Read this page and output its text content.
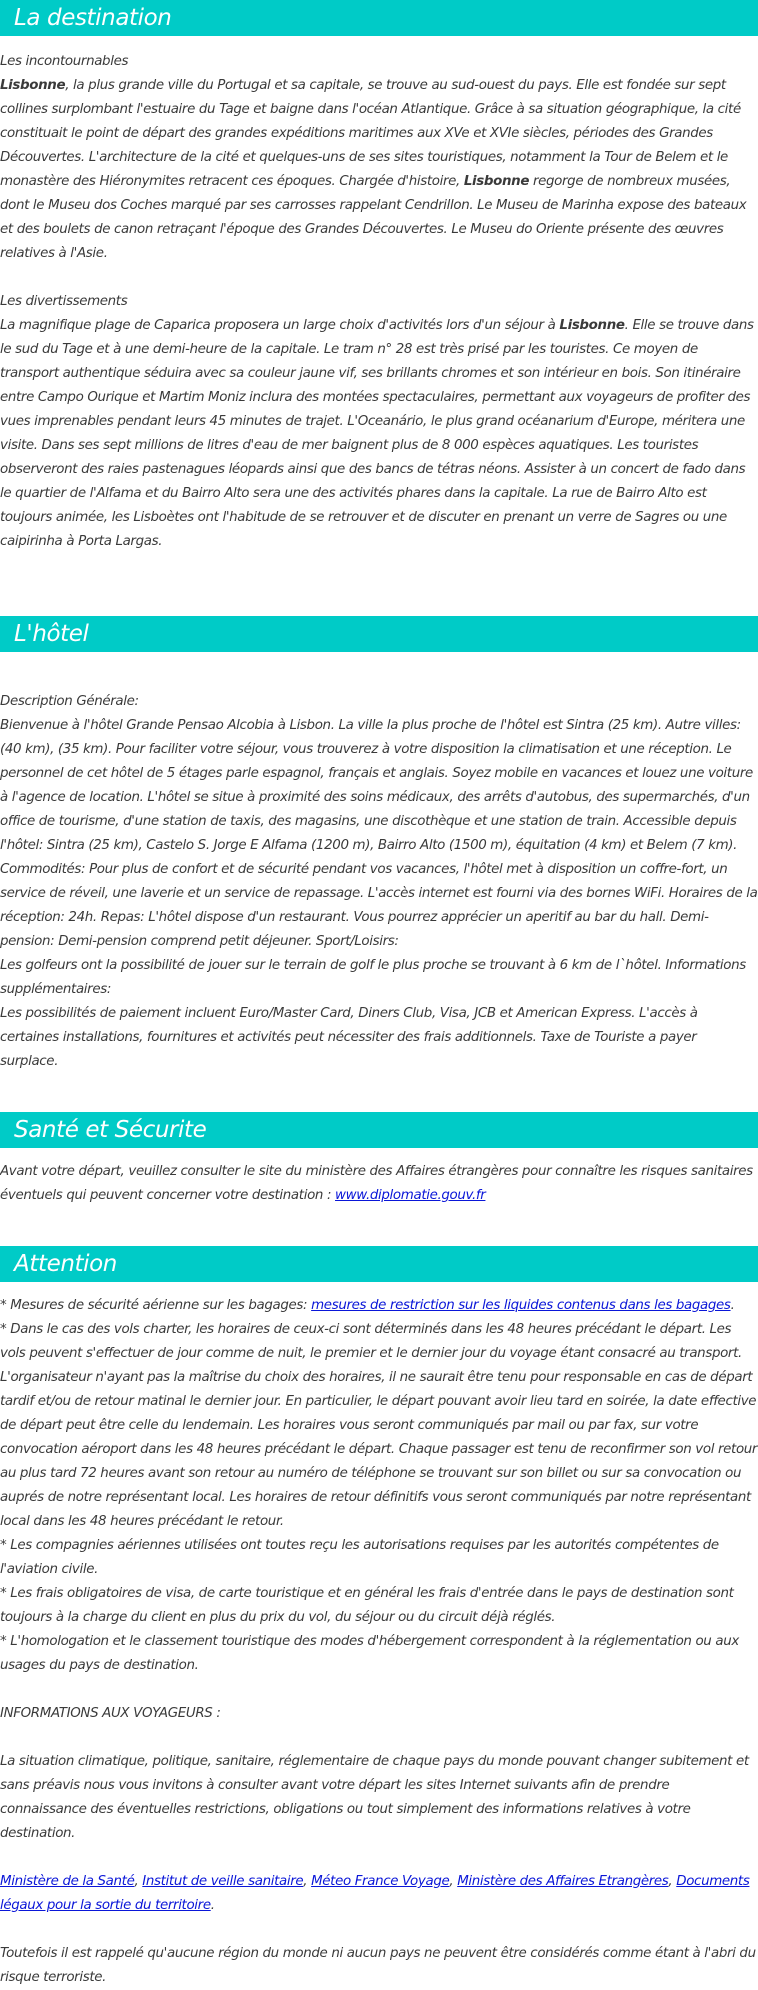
La destination

Les incontournables

Lisbonne, la plus grande ville du Portugal et sa capitale, se trouve au sud-ouest du pays. Elle est fondée sur sept collines surplombant l'estuaire du Tage et baigne dans l'océan Atlantique. Grâce à sa situation géographique, la cité constituait le point de départ des grandes expéditions maritimes aux XVe et XVIe siècles, périodes des Grandes Découvertes. L'architecture de la cité et quelques-uns de ses sites touristiques, notamment la Tour de Belem et le monastère des Hiéronymites retracent ces époques. Chargée d'histoire, Lisbonne regorge de nombreux musées, dont le Museu dos Coches marqué par ses carrosses rappelant Cendrillon. Le Museu de Marinha expose des bateaux et des boulets de canon retraçant l'époque des Grandes Découvertes. Le Museu do Oriente présente des œuvres relatives à l'Asie.

Les divertissements

La magnifique plage de Caparica proposera un large choix d'activités lors d'un séjour à Lisbonne. Elle se trouve dans le sud du Tage et à une demi-heure de la capitale. Le tram n° 28 est très prisé par les touristes. Ce moyen de transport authentique séduira avec sa couleur jaune vif, ses brillants chromes et son intérieur en bois. Son itinéraire entre Campo Ourique et Martim Moniz inclura des montées spectaculaires, permettant aux voyageurs de profiter des vues imprenables pendant leurs 45 minutes de trajet. L'Oceanário, le plus grand océanarium d'Europe, méritera une visite. Dans ses sept millions de litres d'eau de mer baignent plus de 8 000 espèces aquatiques. Les touristes observeront des raies pastenagues léopards ainsi que des bancs de tétras néons. Assister à un concert de fado dans le quartier de l'Alfama et du Bairro Alto sera une des activités phares dans la capitale. La rue de Bairro Alto est toujours animée, les Lisboètes ont l'habitude de se retrouver et de discuter en prenant un verre de Sagres ou une caipirinha à Porta Largas.

L'hôtel

Description Générale:

Bienvenue à l'hôtel Grande Pensao Alcobia à Lisbon. La ville la plus proche de l'hôtel est Sintra (25 km). Autre villes: (40 km), (35 km). Pour faciliter votre séjour, vous trouverez à votre disposition la climatisation et une réception. Le personnel de cet hôtel de 5 étages parle espagnol, français et anglais. Soyez mobile en vacances et louez une voiture à l'agence de location. L'hôtel se situe à proximité des soins médicaux, des arrêts d'autobus, des supermarchés, d'un office de tourisme, d'une station de taxis, des magasins, une discothèque et une station de train. Accessible depuis l'hôtel: Sintra (25 km), Castelo S. Jorge E Alfama (1200 m), Bairro Alto (1500 m), équitation (4 km) et Belem (7 km). Commodités: Pour plus de confort et de sécurité pendant vos vacances, l'hôtel met à disposition un coffre-fort, un service de réveil, une laverie et un service de repassage. L'accès internet est fourni via des bornes WiFi. Horaires de la réception: 24h. Repas: L'hôtel dispose d'un restaurant. Vous pourrez apprécier un aperitif au bar du hall. Demi-pension: Demi-pension comprend petit déjeuner. Sport/Loisirs:

Les golfeurs ont la possibilité de jouer sur le terrain de golf le plus proche se trouvant à 6 km de l`hôtel. Informations supplémentaires:

Les possibilités de paiement incluent Euro/Master Card, Diners Club, Visa, JCB et American Express. L'accès à certaines installations, fournitures et activités peut nécessiter des frais additionnels. Taxe de Touriste a payer surplace.

Santé et Sécurite

Avant votre départ, veuillez consulter le site du ministère des Affaires étrangères pour connaître les risques sanitaires éventuels qui peuvent concerner votre destination : www.diplomatie.gouv.fr

Attention

* Mesures de sécurité aérienne sur les bagages: mesures de restriction sur les liquides contenus dans les bagages.

* Dans le cas des vols charter, les horaires de ceux-ci sont déterminés dans les 48 heures précédant le départ. Les vols peuvent s'effectuer de jour comme de nuit, le premier et le dernier jour du voyage étant consacré au transport. L'organisateur n'ayant pas la maîtrise du choix des horaires, il ne saurait être tenu pour responsable en cas de départ tardif et/ou de retour matinal le dernier jour. En particulier, le départ pouvant avoir lieu tard en soirée, la date effective de départ peut être celle du lendemain. Les horaires vous seront communiqués par mail ou par fax, sur votre convocation aéroport dans les 48 heures précédant le départ. Chaque passager est tenu de reconfirmer son vol retour au plus tard 72 heures avant son retour au numéro de téléphone se trouvant sur son billet ou sur sa convocation ou auprés de notre représentant local. Les horaires de retour définitifs vous seront communiqués par notre représentant local dans les 48 heures précédant le retour.

* Les compagnies aériennes utilisées ont toutes reçu les autorisations requises par les autorités compétentes de l'aviation civile.

* Les frais obligatoires de visa, de carte touristique et en général les frais d'entrée dans le pays de destination sont toujours à la charge du client en plus du prix du vol, du séjour ou du circuit déjà réglés.

* L'homologation et le classement touristique des modes d'hébergement correspondent à la réglementation ou aux usages du pays de destination.

INFORMATIONS AUX VOYAGEURS :

La situation climatique, politique, sanitaire, réglementaire de chaque pays du monde pouvant changer subitement et sans préavis nous vous invitons à consulter avant votre départ les sites Internet suivants afin de prendre connaissance des éventuelles restrictions, obligations ou tout simplement des informations relatives à votre destination.

Ministère de la Santé, Institut de veille sanitaire, Méteo France Voyage, Ministère des Affaires Etrangères, Documents légaux pour la sortie du territoire.

Toutefois il est rappelé qu'aucune région du monde ni aucun pays ne peuvent être considérés comme étant à l'abri du risque terroriste.
